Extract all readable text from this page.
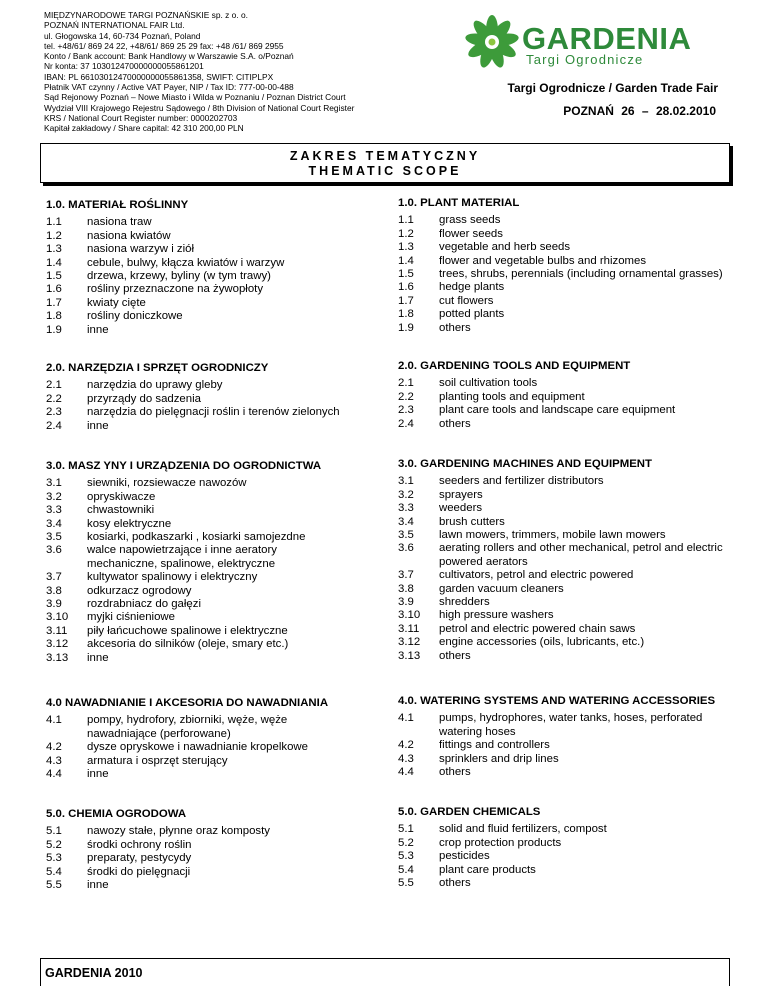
MIĘDZYNARODOWE TARGI POZNAŃSKIE sp. z o. o.
POZNAŃ INTERNATIONAL FAIR Ltd.
ul. Głogowska 14, 60-734 Poznań, Poland
tel. +48/61/ 869 24 22, +48/61/ 869 25 29 fax: +48 /61/ 869 2955
Konto / Bank account: Bank Handlowy w Warszawie S.A. o/Poznań
Nr konta: 37 103012470000000055861201
IBAN: PL 66103012470000000055861358, SWIFT: CITIPLPX
Płatnik VAT czynny / Active VAT Payer, NIP / Tax ID: 777-00-00-488
Sąd Rejonowy Poznań – Nowe Miasto i Wilda w Poznaniu / Poznan District Court
Wydział VIII Krajowego Rejestru Sądowego / 8th Division of National Court Register
KRS / National Court Register number: 0000202703
Kapitał zakładowy / Share capital: 42 310 200,00 PLN
GARDENIA
Targi Ogrodnicze
Targi Ogrodnicze / Garden Trade Fair
POZNAŃ 26 – 28.02.2010
ZAKRES TEMATYCZNY
THEMATIC SCOPE
1.0. MATERIAŁ ROŚLINNY
1.1	nasiona traw
1.2	nasiona kwiatów
1.3	nasiona warzyw i ziół
1.4	cebule, bulwy, kłącza kwiatów i warzyw
1.5	drzewa, krzewy, byliny (w tym trawy)
1.6	rośliny przeznaczone na żywopłoty
1.7	kwiaty cięte
1.8	rośliny doniczkowe
1.9	inne
2.0. NARZĘDZIA I SPRZĘT OGRODNICZY
2.1	narzędzia do uprawy gleby
2.2	przyrządy do sadzenia
2.3	narzędzia do pielęgnacji roślin i terenów zielonych
2.4	inne
3.0. MASZ YNY I URZĄDZENIA DO OGRODNICTWA
3.1	siewniki, rozsiewacze nawozów
3.2	opryskiwacze
3.3	chwastowniki
3.4	kosy elektryczne
3.5	kosiarki, podkaszarki , kosiarki samojezdne
3.6	walce napowietrzające i inne aeratory mechaniczne, spalinowe, elektryczne
3.7	kultywator spalinowy i elektryczny
3.8	odkurzacz ogrodowy
3.9	rozdrabniacz do gałęzi
3.10	myjki ciśnieniowe
3.11	piły łańcuchowe spalinowe i elektryczne
3.12	akcesoria do silników (oleje, smary etc.)
3.13	inne
4.0 NAWADNIANIE I AKCESORIA DO NAWADNIANIA
4.1	pompy, hydrofory, zbiorniki, węże, węże nawadniające (perforowane)
4.2	dysze opryskowe i nawadnianie kropelkowe
4.3	armatura i osprzęt sterujący
4.4	inne
5.0. CHEMIA OGRODOWA
5.1	nawozy stałe, płynne oraz komposty
5.2	środki ochrony roślin
5.3	preparaty, pestycydy
5.4	środki do pielęgnacji
5.5	inne
1.0. PLANT MATERIAL
1.1	grass seeds
1.2	flower seeds
1.3	vegetable and herb seeds
1.4	flower and vegetable bulbs and rhizomes
1.5	trees, shrubs, perennials (including ornamental grasses)
1.6	hedge plants
1.7	cut flowers
1.8	potted plants
1.9	others
2.0. GARDENING TOOLS AND EQUIPMENT
2.1	soil cultivation tools
2.2	planting tools and equipment
2.3	plant care tools and landscape care equipment
2.4	others
3.0. GARDENING MACHINES AND EQUIPMENT
3.1	seeders and fertilizer distributors
3.2	sprayers
3.3	weeders
3.4	brush cutters
3.5	lawn mowers, trimmers, mobile lawn mowers
3.6	aerating rollers and other mechanical, petrol and electric powered aerators
3.7	cultivators, petrol and electric powered
3.8	garden vacuum cleaners
3.9	shredders
3.10	high pressure washers
3.11	petrol and electric powered chain saws
3.12	engine accessories (oils, lubricants, etc.)
3.13	others
4.0. WATERING SYSTEMS AND WATERING ACCESSORIES
4.1	pumps, hydrophores, water tanks, hoses, perforated watering hoses
4.2	fittings and controllers
4.3	sprinklers and drip lines
4.4	others
5.0. GARDEN CHEMICALS
5.1	solid and fluid fertilizers, compost
5.2	crop protection products
5.3	pesticides
5.4	plant care products
5.5	others
GARDENIA 2010
